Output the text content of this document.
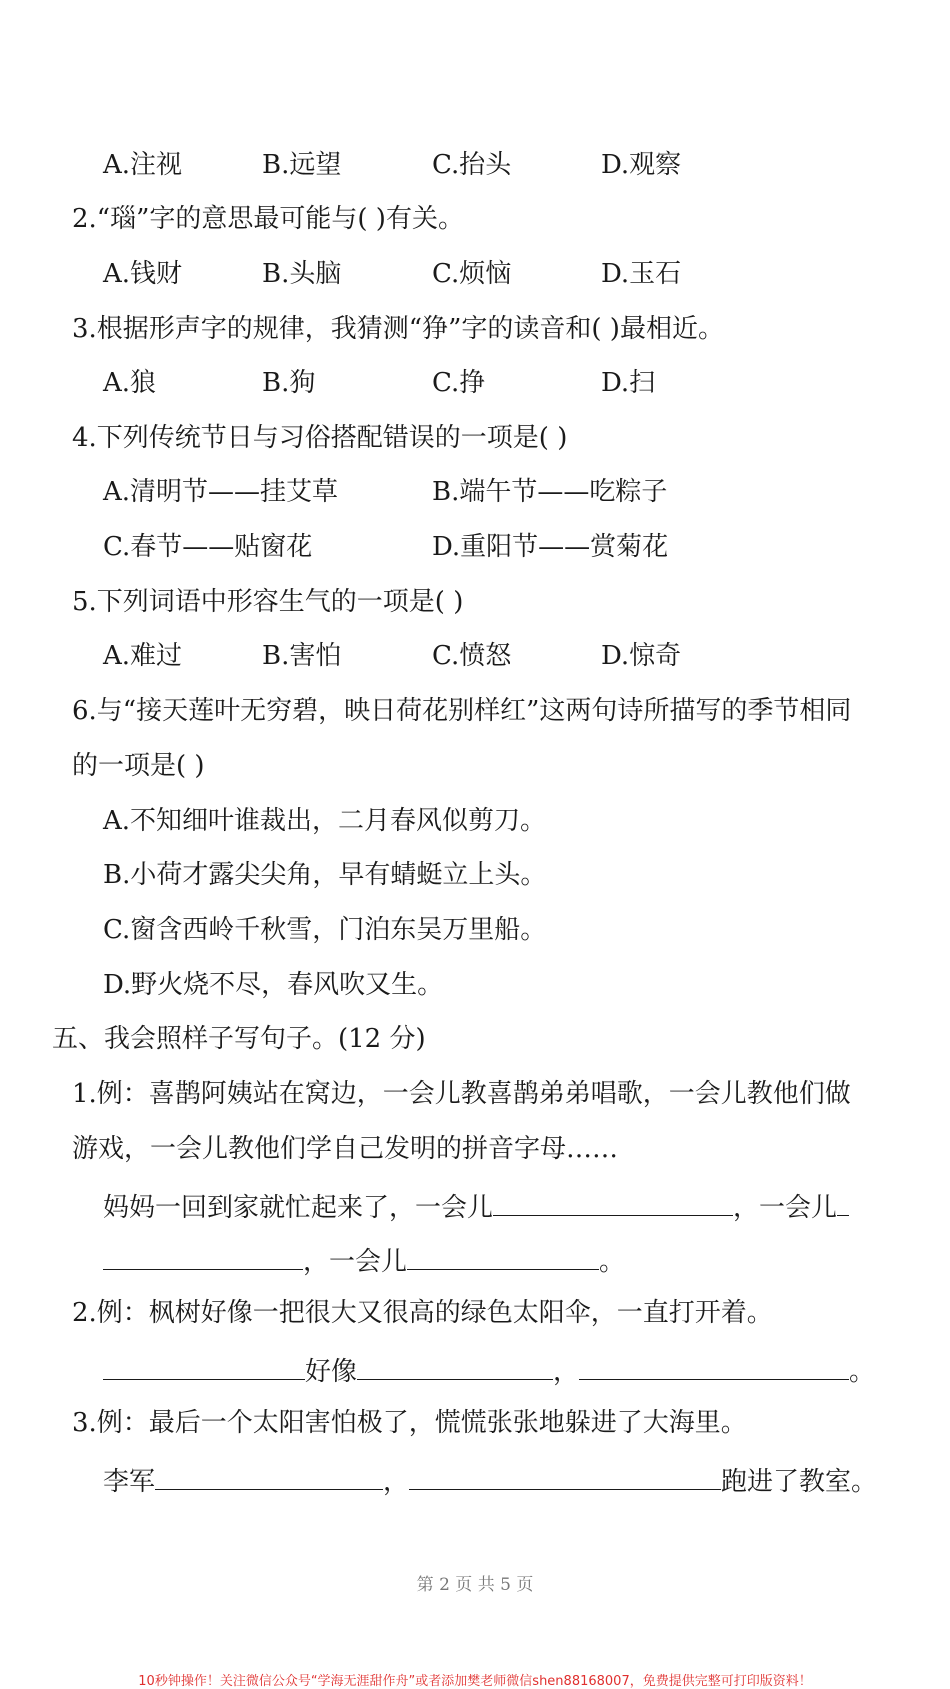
A.注视	B.远望	C.抬头	D.观察
2.“瑙”字的意思最可能与( )有关。
A.钱财	B.头脑	C.烦恼	D.玉石
3.根据形声字的规律，我猜测“狰”字的读音和( )最相近。
A.狼	B.狗	C.挣	D.扫
4.下列传统节日与习俗搭配错误的一项是( )
A.清明节——挂艾草	B.端午节——吃粽子
C.春节——贴窗花	D.重阳节——赏菊花
5.下列词语中形容生气的一项是( )
A.难过	B.害怕	C.愤怒	D.惊奇
6.与“接天莲叶无穷碧，映日荷花别样红”这两句诗所描写的季节相同
的一项是( )
A.不知细叶谁裁出，二月春风似剪刀。
B.小荷才露尖尖角，早有蜻蜓立上头。
C.窗含西岭千秋雪，门泊东吴万里船。
D.野火烧不尽，春风吹又生。
五、我会照样子写句子。(12 分)
1.例：喜鹊阿姨站在窝边，一会儿教喜鹊弟弟唱歌，一会儿教他们做
游戏，一会儿教他们学自己发明的拼音字母……
妈妈一回到家就忙起来了，一会儿	，一会儿
，一会儿	。
2.例：枫树好像一把很大又很高的绿色太阳伞，一直打开着。
好像	，	。
3.例：最后一个太阳害怕极了，慌慌张张地躲进了大海里。
李军	，	跑进了教室。
第 2 页 共 5 页
10秒钟操作！关注微信公众号“学海无涯甜作舟”或者添加樊老师微信shen88168007，免费提供完整可打印版资料！
